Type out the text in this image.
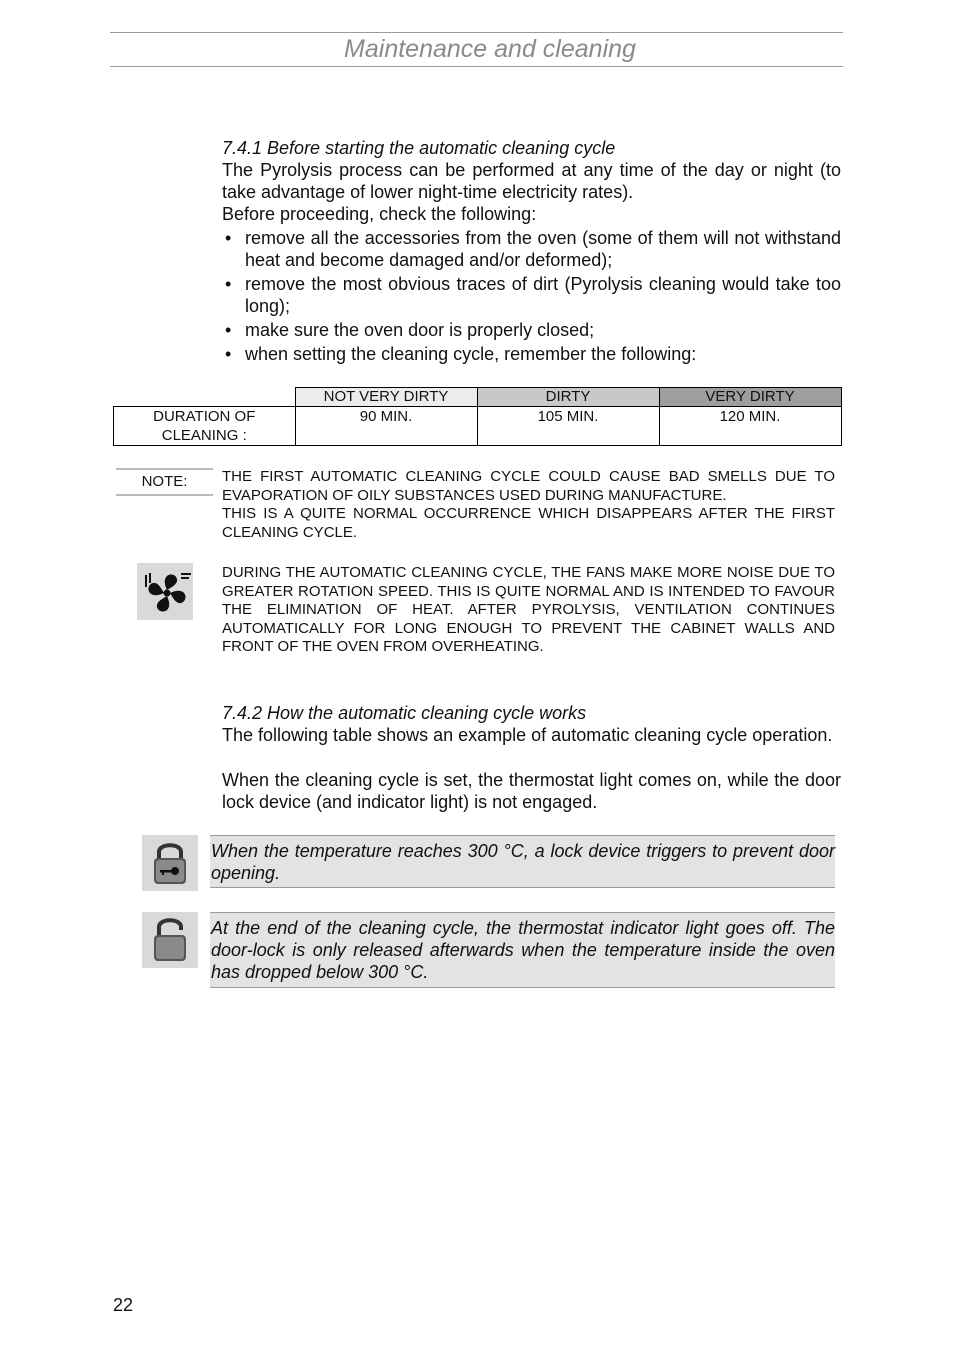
Maintenance and cleaning
7.4.1 Before starting the automatic cleaning cycle
The Pyrolysis process can be performed at any time of the day or night (to take advantage of lower night-time electricity rates).
Before proceeding, check the following:
• remove all the accessories from the oven (some of them will not withstand heat and become damaged and/or deformed);
• remove the most obvious traces of dirt (Pyrolysis cleaning would take too long);
• make sure the oven door is properly closed;
• when setting the cleaning cycle, remember the following:
	NOT VERY DIRTY	DIRTY	VERY DIRTY
DURATION OF CLEANING :	90 MIN.	105 MIN.	120 MIN.
NOTE:	THE FIRST AUTOMATIC CLEANING CYCLE COULD CAUSE BAD SMELLS DUE TO EVAPORATION OF OILY SUBSTANCES USED DURING MANUFACTURE.
THIS IS A QUITE NORMAL OCCURRENCE WHICH DISAPPEARS AFTER THE FIRST CLEANING CYCLE.
DURING THE AUTOMATIC CLEANING CYCLE, THE FANS MAKE MORE NOISE DUE TO GREATER ROTATION SPEED. THIS IS QUITE NORMAL AND IS INTENDED TO FAVOUR THE ELIMINATION OF HEAT. AFTER PYROLYSIS, VENTILATION CONTINUES AUTOMATICALLY FOR LONG ENOUGH TO PREVENT THE CABINET WALLS AND FRONT OF THE OVEN FROM OVERHEATING.
7.4.2 How the automatic cleaning cycle works
The following table shows an example of automatic cleaning cycle operation.
When the cleaning cycle is set, the thermostat light comes on, while the door lock device (and indicator light) is not engaged.
When the temperature reaches 300 °C, a lock device triggers to prevent door opening.
At the end of the cleaning cycle, the thermostat indicator light goes off. The door-lock is only released afterwards when the temperature inside the oven has dropped below 300 °C.
22
